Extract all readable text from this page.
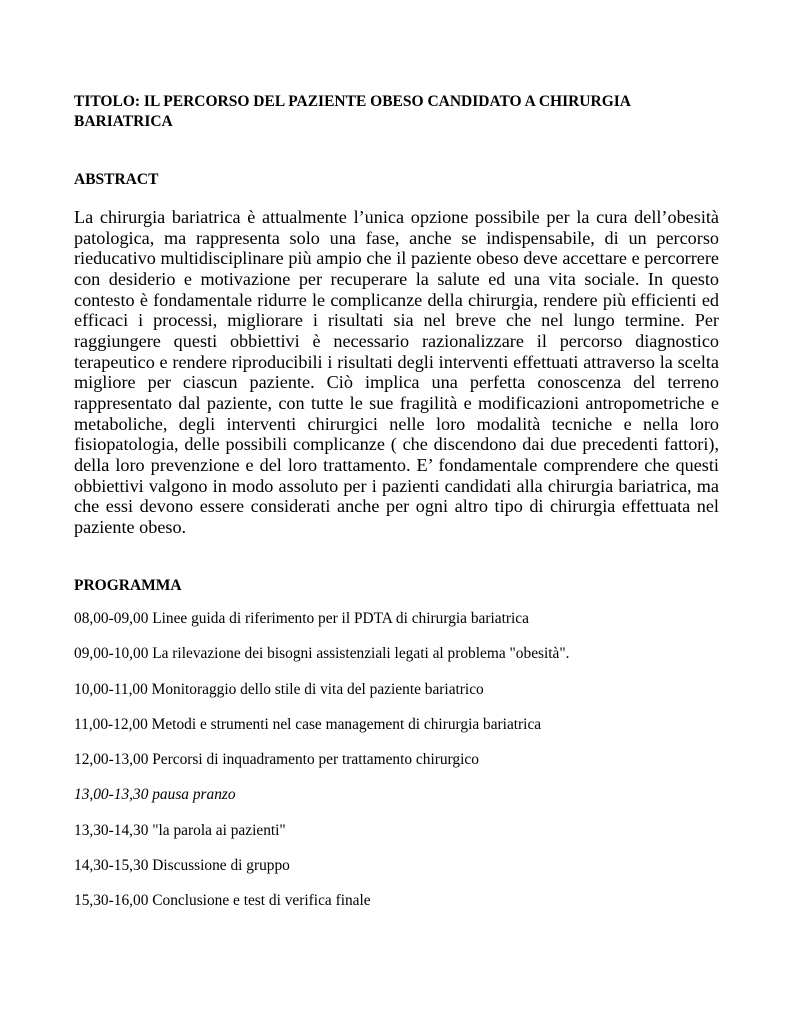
TITOLO: IL PERCORSO DEL PAZIENTE OBESO CANDIDATO A CHIRURGIA BARIATRICA
ABSTRACT

La chirurgia bariatrica è attualmente l’unica opzione possibile per la cura dell’obesità patologica, ma rappresenta solo una fase, anche se indispensabile, di un percorso rieducativo multidisciplinare più ampio che il paziente obeso deve accettare e percorrere con desiderio e motivazione per recuperare la salute ed una vita sociale. In questo contesto è fondamentale ridurre le complicanze della chirurgia, rendere più efficienti ed efficaci i processi, migliorare i risultati sia nel breve che nel lungo termine. Per raggiungere questi obbiettivi è necessario razionalizzare il percorso diagnostico terapeutico e rendere riproducibili i risultati degli interventi effettuati attraverso la scelta migliore per ciascun paziente. Ciò implica una perfetta conoscenza del terreno rappresentato dal paziente, con tutte le sue fragilità e modificazioni antropometriche e metaboliche, degli interventi chirurgici nelle loro modalità tecniche e nella loro fisiopatologia, delle possibili complicanze ( che discendono dai due precedenti fattori), della loro prevenzione e del loro trattamento. E’ fondamentale comprendere che questi obbiettivi valgono in modo assoluto per i pazienti candidati alla chirurgia bariatrica, ma che essi devono essere considerati anche per ogni altro tipo di chirurgia effettuata nel paziente obeso.

PROGRAMMA
08,00-09,00 Linee guida di riferimento per il PDTA di chirurgia bariatrica
09,00-10,00 La rilevazione dei bisogni assistenziali legati al problema "obesità".
10,00-11,00 Monitoraggio dello stile di vita del paziente bariatrico
11,00-12,00 Metodi e strumenti nel case management di chirurgia bariatrica
12,00-13,00 Percorsi di inquadramento per trattamento chirurgico
13,00-13,30 pausa pranzo
13,30-14,30 "la parola ai pazienti"
14,30-15,30 Discussione di gruppo
15,30-16,00 Conclusione e test di verifica finale
